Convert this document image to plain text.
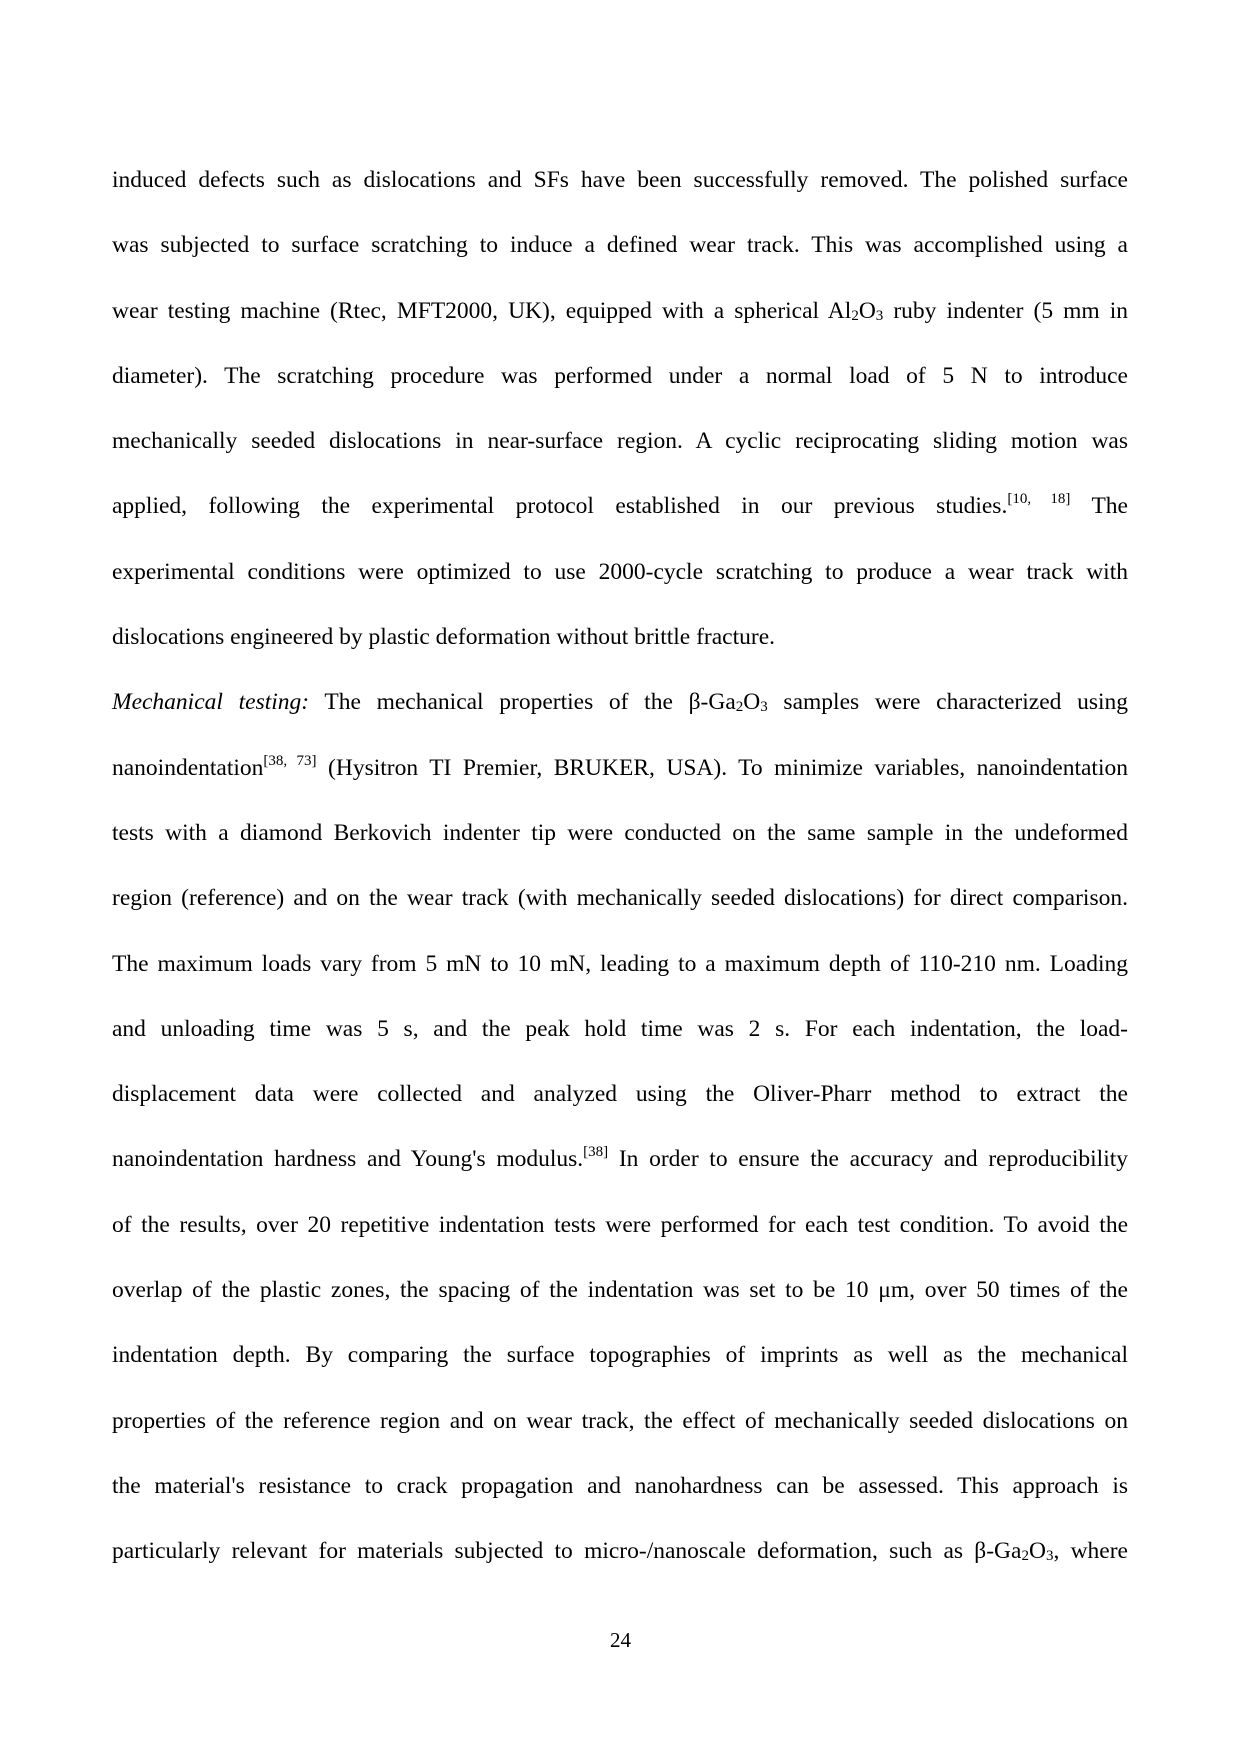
induced defects such as dislocations and SFs have been successfully removed. The polished surface
was subjected to surface scratching to induce a defined wear track. This was accomplished using a
wear testing machine (Rtec, MFT2000, UK), equipped with a spherical $Al_2O_3$ ruby indenter (5 mm in
diameter). The scratching procedure was performed under a normal load of 5 N to introduce
mechanically seeded dislocations in near-surface region. A cyclic reciprocating sliding motion was
applied, following the experimental protocol established in our previous studies.[10, 18] The
experimental conditions were optimized to use 2000-cycle scratching to produce a wear track with
dislocations engineered by plastic deformation without brittle fracture.
Mechanical testing: The mechanical properties of the $\beta-Ga_2O_3$ samples were characterized using
nanoindentation[38, 73] (Hysitron TI Premier, BRUKER, USA). To minimize variables, nanoindentation
tests with a diamond Berkovich indenter tip were conducted on the same sample in the undeformed
region (reference) and on the wear track (with mechanically seeded dislocations) for direct comparison.
The maximum loads vary from 5 mN to 10 mN, leading to a maximum depth of 110-210 nm. Loading
and unloading time was 5 s, and the peak hold time was 2 s. For each indentation, the load-
displacement data were collected and analyzed using the Oliver-Pharr method to extract the
nanoindentation hardness and Young's modulus.[38] In order to ensure the accuracy and reproducibility
of the results, over 20 repetitive indentation tests were performed for each test condition. To avoid the
overlap of the plastic zones, the spacing of the indentation was set to be 10 μm, over 50 times of the
indentation depth. By comparing the surface topographies of imprints as well as the mechanical
properties of the reference region and on wear track, the effect of mechanically seeded dislocations on
the material's resistance to crack propagation and nanohardness can be assessed. This approach is
particularly relevant for materials subjected to micro-/nanoscale deformation, such as $\beta-Ga_2O_3$, where
24
